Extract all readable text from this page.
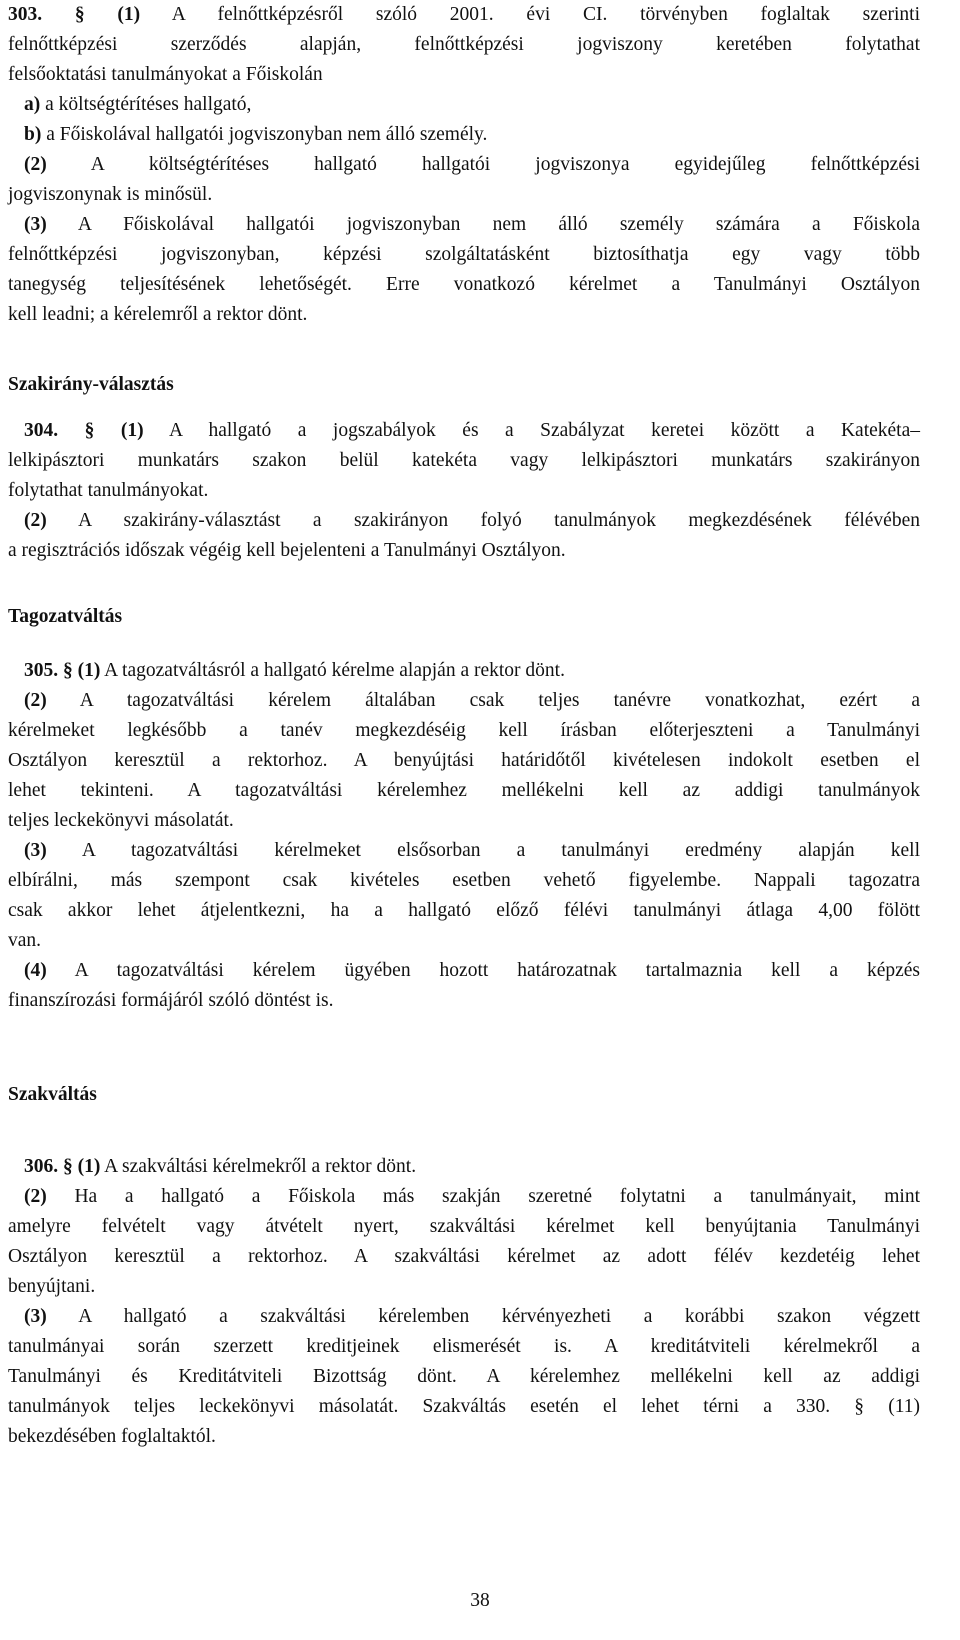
303. § (1) A felnőttképzésről szóló 2001. évi CI. törvényben foglaltak szerinti

felnőttképzési szerződés alapján, felnőttképzési jogviszony keretében folytathat

felsőoktatási tanulmányokat a Főiskolán

a) a költségtérítéses hallgató,

b) a Főiskolával hallgatói jogviszonyban nem álló személy.

(2) A költségtérítéses hallgató hallgatói jogviszonya egyidejűleg felnőttképzési

jogviszonynak is minősül.

(3) A Főiskolával hallgatói jogviszonyban nem álló személy számára a Főiskola

felnőttképzési jogviszonyban, képzési szolgáltatásként biztosíthatja egy vagy több

tanegység teljesítésének lehetőségét. Erre vonatkozó kérelmet a Tanulmányi Osztályon

kell leadni; a kérelemről a rektor dönt.

Szakirány-választás

304. § (1) A hallgató a jogszabályok és a Szabályzat keretei között a Katekéta–

lelkipásztori munkatárs szakon belül katekéta vagy lelkipásztori munkatárs szakirányon

folytathat tanulmányokat.

(2) A szakirány-választást a szakirányon folyó tanulmányok megkezdésének félévében

a regisztrációs időszak végéig kell bejelenteni a Tanulmányi Osztályon.

Tagozatváltás

305. § (1) A tagozatváltásról a hallgató kérelme alapján a rektor dönt.

(2) A tagozatváltási kérelem általában csak teljes tanévre vonatkozhat, ezért a

kérelmeket legkésőbb a tanév megkezdéséig kell írásban előterjeszteni a Tanulmányi

Osztályon keresztül a rektorhoz. A benyújtási határidőtől kivételesen indokolt esetben el

lehet tekinteni. A tagozatváltási kérelemhez mellékelni kell az addigi tanulmányok

teljes leckekönyvi másolatát.

(3) A tagozatváltási kérelmeket elsősorban a tanulmányi eredmény alapján kell

elbírálni, más szempont csak kivételes esetben vehető figyelembe. Nappali tagozatra

csak akkor lehet átjelentkezni, ha a hallgató előző félévi tanulmányi átlaga 4,00 fölött

van.

(4) A tagozatváltási kérelem ügyében hozott határozatnak tartalmaznia kell a képzés

finanszírozási formájáról szóló döntést is.

Szakváltás

306. § (1) A szakváltási kérelmekről a rektor dönt.

(2) Ha a hallgató a Főiskola más szakján szeretné folytatni a tanulmányait, mint

amelyre felvételt vagy átvételt nyert, szakváltási kérelmet kell benyújtania Tanulmányi

Osztályon keresztül a rektorhoz. A szakváltási kérelmet az adott félév kezdetéig lehet

benyújtani.

(3) A hallgató a szakváltási kérelemben kérvényezheti a korábbi szakon végzett

tanulmányai során szerzett kreditjeinek elismerését is. A kreditátviteli kérelmekről a

Tanulmányi és Kreditátviteli Bizottság dönt. A kérelemhez mellékelni kell az addigi

tanulmányok teljes leckekönyvi másolatát. Szakváltás esetén el lehet térni a 330. § (11)

bekezdésében foglaltaktól.

38
